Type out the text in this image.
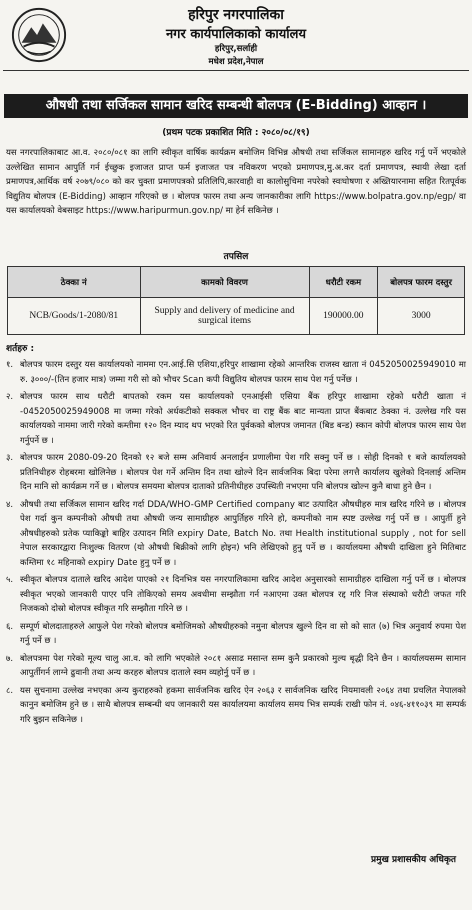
हरिपुर नगरपालिका
नगर कार्यपालिकाको कार्यालय
हरिपुर,सर्लाही
मधेश प्रदेश,नेपाल
औषधी तथा सर्जिकल सामान खरिद सम्बन्धी बोलपत्र (E-Bidding) आव्हान ।
(प्रथम पटक प्रकाशित मिति : २०८०/०८/१९)
यस नगरपालिकाबाट आ.व. २०८०/०८१ का लागि स्वीकृत वार्षिक कार्यक्रम बमोजिम विभिन्न औषधी तथा सर्जिकल सामानहरु खरिद गर्नु पर्ने भएकोले उल्लेखित सामान आपुर्ति गर्न ईच्छुक इजाजत प्राप्त फर्म इजाजत पत्र नविकरण भएको प्रमाणपत्र,मु.अ.कर दर्ता प्रमाणपत्र, स्थायी लेखा दर्ता प्रमाणपत्र,आर्थिक वर्ष २०७९/०८० को कर चुक्ता प्रमाणपत्रको प्रतिलिपि,कारवाही वा कालोसुचिमा नपरेको स्वःघोषणा र अख्तियारनामा सहित रितपूर्वक विद्युतिय बोलपत्र (E-Bidding) आव्हान गरिएको छ । बोलपत्र फारम तथा अन्य जानकारीका लागि https://www.bolpatra.gov.np/egp/ वा यस कार्यालयको वेबसाइट https://www.haripurmun.gov.np/ मा हेर्न सकिनेछ ।
तपसिल
ठेक्का नं	कामको विवरण	धरौटी रकम	बोलपत्र फारम दस्तुर
NCB/Goods/1-2080/81	Supply and delivery of medicine and surgical items	190000.00	3000
शर्तहरु :
१. बोलपत्र फारम दस्तुर यस कार्यालयको नाममा एन.आई.सि एशिया,हरिपुर शाखामा रहेको आन्तरिक राजस्व खाता नं 0452050025949010 मा रु. ३०००/-(तिन हजार मात्र) जम्मा गरी सो को भौचर Scan कपी विद्युतिय बोलपत्र फारम साथ पेश गर्नु पर्नेछ ।
२. बोलपत्र फारम साथ धरौटी बापतको रकम यस कार्यालयको एनआईसी एसिया बैंक हरिपुर शाखामा रहेको धरौटी खाता नं -0452050025949008 मा जम्मा गरेको अर्धकटीको सक्कल भौचर वा राष्ट्र बैंक बाट मान्यता प्राप्त बैंकबाट ठेक्का नं. उल्लेख गरि यस कार्यालयको नाममा जारी गरेको कम्तीमा १२० दिन म्याद थप भएको रित पुर्वकको बोलपत्र जमानत (बिड बन्ड) स्कान कोपी बोलपत्र फारम साथ पेश गर्नुपर्ने छ ।
३. बोलपत्र फारम 2080-09-20 दिनको १२ बजे सम्म अनिवार्य अनलाईन प्रणालीमा पेश गरि सक्नु पर्ने छ । सोही दिनको १ बजे कार्यालयको प्रतिनिधीहरु रोहबरमा खोलिनेछ । बोलपत्र पेश गर्ने अन्तिम दिन तथा खोल्ने दिन सार्वजनिक बिदा परेमा लगत्तै कार्यालय खुलेको दिनलाई अन्तिम दिन मानि सो कार्यक्रम गर्ने छ । बोलपत्र समयमा बोलपत्र दाताको प्रतिनीधीहरु उपस्थिती नभएमा पनि बोलपत्र खोल्न कुनै बाधा हुने छैन ।
४. औषधी तथा सर्जिकल सामान खरिद गर्दा DDA/WHO-GMP Certified company बाट उत्पादित औषधीहरु मात्र खरिद गरिने छ । बोलपत्र पेश गर्दा कुन कम्पनीको औषधी तथा औषधी जन्य सामाग्रीहरु आपुर्तिहरु गरिने हो, कम्पनीको नाम स्पष्ट उल्लेख गर्नु पर्ने छ । आपुर्ती हुने औषधीहरुको प्रतेक प्याकिङ्को बाहिर उत्पादन मिति expiry Date, Batch No. तथा Health institutional supply , not for sell नेपाल सरकारद्वारा निःशुल्क वितरण (यो औषधी बिक्रीको लागि होइन) भनि लेखिएको हुनु पर्ने छ । कार्यालयमा औषधी दाखिला हुने मितिबाट कम्तिमा १८ महिनाको expiry Date हुनु पर्ने छ ।
५. स्वीकृत बोलपत्र दाताले खरिद आदेश पाएको २१ दिनभित्र यस नगरपालिकामा खरिद आदेश अनुसारको सामाग्रीहरु दाखिला गर्नु पर्ने छ । बोलपत्र स्वीकृत भएको जानकारी पाएर पनि तोकिएको समय अवधीमा सम्झौता गर्न नआएमा उक्त बोलपत्र रद्द गरि निज संस्थाको धरौटी जफत गरि निजकको दोस्रो बोलपत्र स्वीकृत गरि सम्झौता गरिने छ ।
६. सम्पूर्ण बोलदाताहरुले आफुले पेश गरेको बोलपत्र बमोजिमको औषधीहरुको नमुना बोलपत्र खुल्ने दिन वा सो को सात (७) भित्र अनुवार्य रुपमा पेश गर्नु पर्ने छ ।
७. बोलपत्रमा पेश गरेको मूल्य चालु आ.व. को लागि भएकोले २०८१ असाढ मसान्त सम्म कुनै प्रकारको मुल्य बृद्धी दिने छैन । कार्यालयसम्म सामान आपुर्तीगर्न लाग्ने ढुवानी तथा अन्य करहरु बोलपत्र दाताले स्वम व्यहोर्नु पर्ने छ ।
८. यस सुचनामा उल्लेख नभएका अन्य कुराहरुको हकमा सार्वजनिक खरिद ऐन २०६३ र सार्वजनिक खरिद नियमावली २०६४ तथा प्रचलित नेपालको कानुन बमोजिम हुने छ । साथै बोलपत्र सम्बन्धी थप जानकारी यस कार्यालयमा कार्यालय समय भित्र सम्पर्क राखी फोन नं. ०४६-४११०३९ मा सम्पर्क गरि बुझन सकिनेछ ।
प्रमुख प्रशासकीय अधिकृत
